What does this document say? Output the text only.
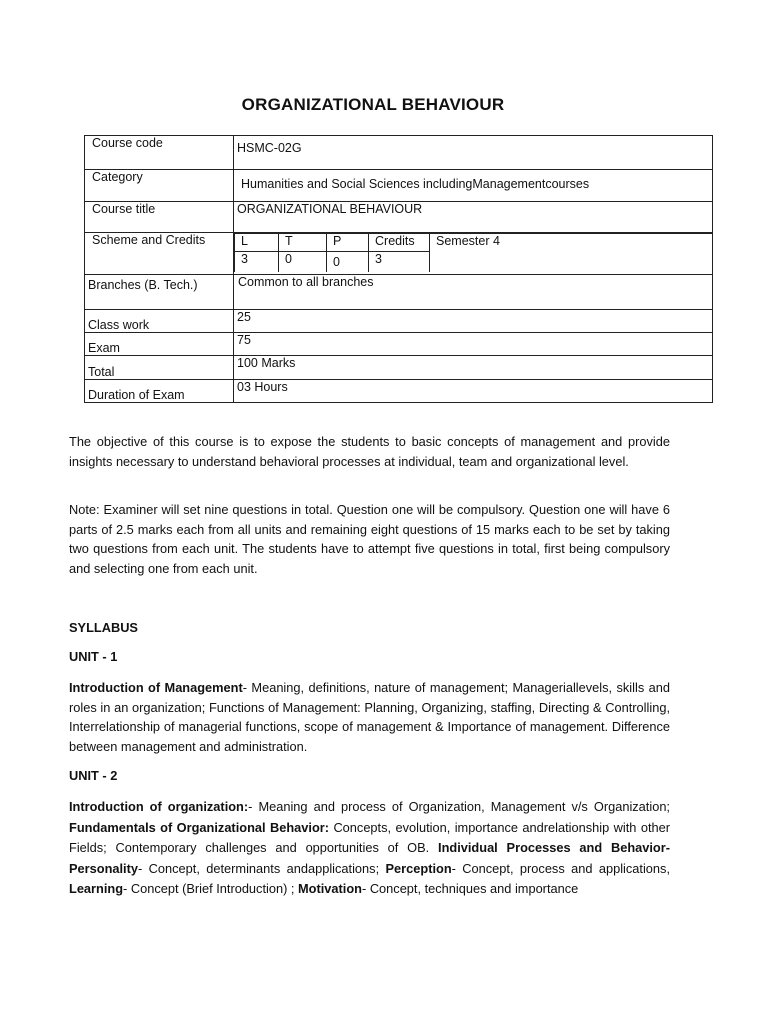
ORGANIZATIONAL BEHAVIOUR
Course code	HSMC-02G
Category	Humanities and Social Sciences includingManagementcourses
Course title	ORGANIZATIONAL BEHAVIOUR
Scheme and Credits		L	T	P	Credits	Semester 4
3	0	0	3

Branches (B. Tech.)	Common to all branches
Class work	25
Exam	75
Total	100 Marks
Duration of Exam	03 Hours

The objective of this course is to expose the students to basic concepts of management and provide insights necessary to understand behavioral processes at individual, team and organizational level.

Note: Examiner will set nine questions in total. Question one will be compulsory. Question one will have 6 parts of 2.5 marks each from all units and remaining eight questions of 15 marks each to be set by taking two questions from each unit. The students have to attempt five questions in total, first being compulsory and selecting one from each unit.

SYLLABUS
UNIT - 1

Introduction of Management- Meaning, definitions, nature of management; Manageriallevels, skills and roles in an organization; Functions of Management: Planning, Organizing, staffing, Directing & Controlling, Interrelationship of managerial functions, scope of management & Importance of management. Difference between management and administration.

UNIT - 2

Introduction of organization:- Meaning and process of Organization, Management v/s Organization; Fundamentals of Organizational Behavior: Concepts, evolution, importance andrelationship with other Fields; Contemporary challenges and opportunities of OB. Individual Processes and Behavior-Personality- Concept, determinants andapplications; Perception- Concept, process and applications, Learning- Concept (Brief Introduction) ; Motivation- Concept, techniques and importance
